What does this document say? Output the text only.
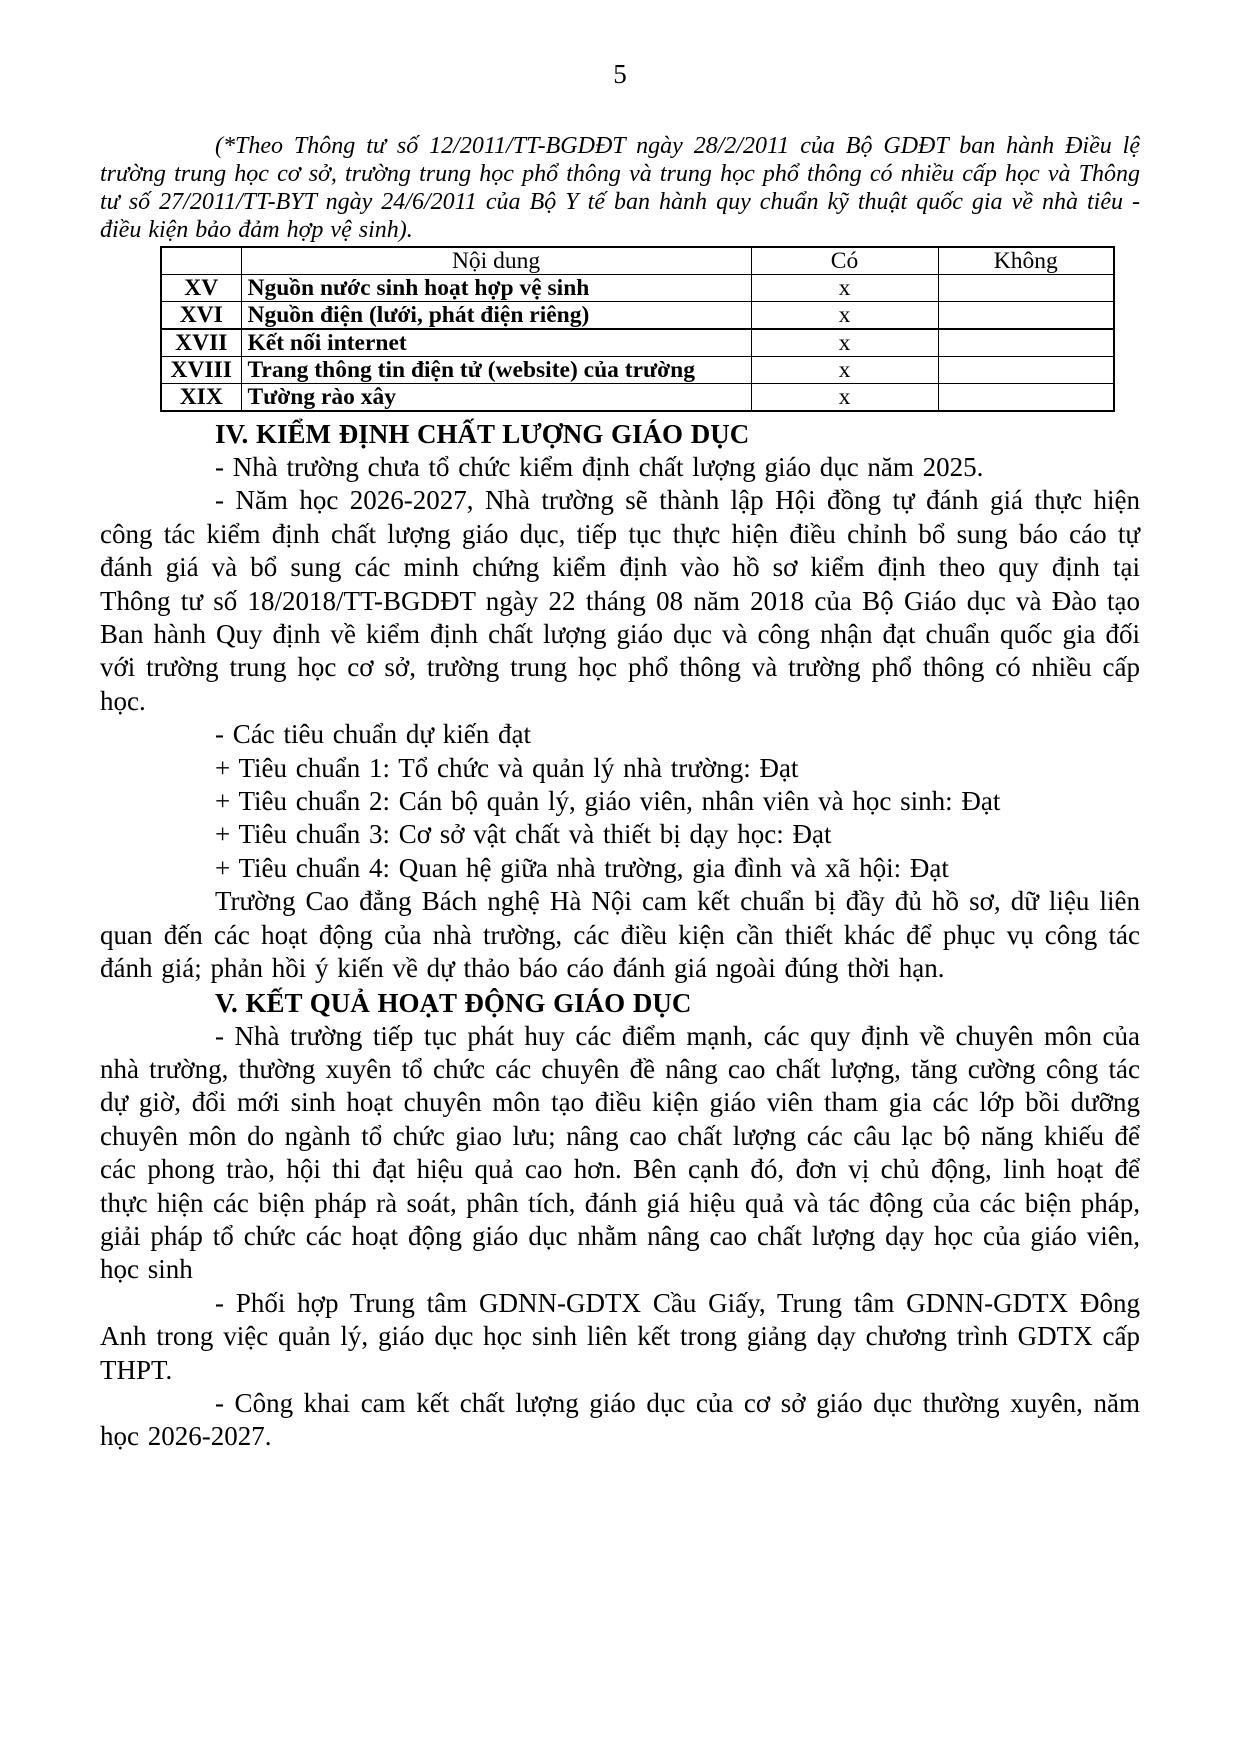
5

(*Theo Thông tư số 12/2011/TT-BGDĐT ngày 28/2/2011 của Bộ GDĐT ban hành Điều lệ trường trung học cơ sở, trường trung học phổ thông và trung học phổ thông có nhiều cấp học và Thông tư số 27/2011/TT-BYT ngày 24/6/2011 của Bộ Y tế ban hành quy chuẩn kỹ thuật quốc gia về nhà tiêu - điều kiện bảo đảm hợp vệ sinh).

	Nội dung	Có	Không
XV	Nguồn nước sinh hoạt hợp vệ sinh	x	
XVI	Nguồn điện (lưới, phát điện riêng)	x	
XVII	Kết nối internet	x	
XVIII	Trang thông tin điện tử (website) của trường	x	
XIX	Tường rào xây	x	
IV. KIỂM ĐỊNH CHẤT LƯỢNG GIÁO DỤC

- Nhà trường chưa tổ chức kiểm định chất lượng giáo dục năm 2025.

- Năm học 2026-2027, Nhà trường sẽ thành lập Hội đồng tự đánh giá thực hiện công tác kiểm định chất lượng giáo dục, tiếp tục thực hiện điều chỉnh bổ sung báo cáo tự đánh giá và bổ sung các minh chứng kiểm định vào hồ sơ kiểm định theo quy định tại Thông tư số 18/2018/TT-BGDĐT ngày 22 tháng 08 năm 2018 của Bộ Giáo dục và Đào tạo Ban hành Quy định về kiểm định chất lượng giáo dục và công nhận đạt chuẩn quốc gia đối với trường trung học cơ sở, trường trung học phổ thông và trường phổ thông có nhiều cấp học.

- Các tiêu chuẩn dự kiến đạt

+ Tiêu chuẩn 1: Tổ chức và quản lý nhà trường: Đạt

+ Tiêu chuẩn 2: Cán bộ quản lý, giáo viên, nhân viên và học sinh: Đạt

+ Tiêu chuẩn 3: Cơ sở vật chất và thiết bị dạy học: Đạt

+ Tiêu chuẩn 4: Quan hệ giữa nhà trường, gia đình và xã hội: Đạt

Trường Cao đẳng Bách nghệ Hà Nội cam kết chuẩn bị đầy đủ hồ sơ, dữ liệu liên quan đến các hoạt động của nhà trường, các điều kiện cần thiết khác để phục vụ công tác đánh giá; phản hồi ý kiến về dự thảo báo cáo đánh giá ngoài đúng thời hạn.

V. KẾT QUẢ HOẠT ĐỘNG GIÁO DỤC

- Nhà trường tiếp tục phát huy các điểm mạnh, các quy định về chuyên môn của nhà trường, thường xuyên tổ chức các chuyên đề nâng cao chất lượng, tăng cường công tác dự giờ, đổi mới sinh hoạt chuyên môn tạo điều kiện giáo viên tham gia các lớp bồi dưỡng chuyên môn do ngành tổ chức giao lưu; nâng cao chất lượng các câu lạc bộ năng khiếu để các phong trào, hội thi đạt hiệu quả cao hơn. Bên cạnh đó, đơn vị chủ động, linh hoạt để thực hiện các biện pháp rà soát, phân tích, đánh giá hiệu quả và tác động của các biện pháp, giải pháp tổ chức các hoạt động giáo dục nhằm nâng cao chất lượng dạy học của giáo viên, học sinh

- Phối hợp Trung tâm GDNN-GDTX Cầu Giấy, Trung tâm GDNN-GDTX Đông Anh trong việc quản lý, giáo dục học sinh liên kết trong giảng dạy chương trình GDTX cấp THPT.

- Công khai cam kết chất lượng giáo dục của cơ sở giáo dục thường xuyên, năm học 2026-2027.
